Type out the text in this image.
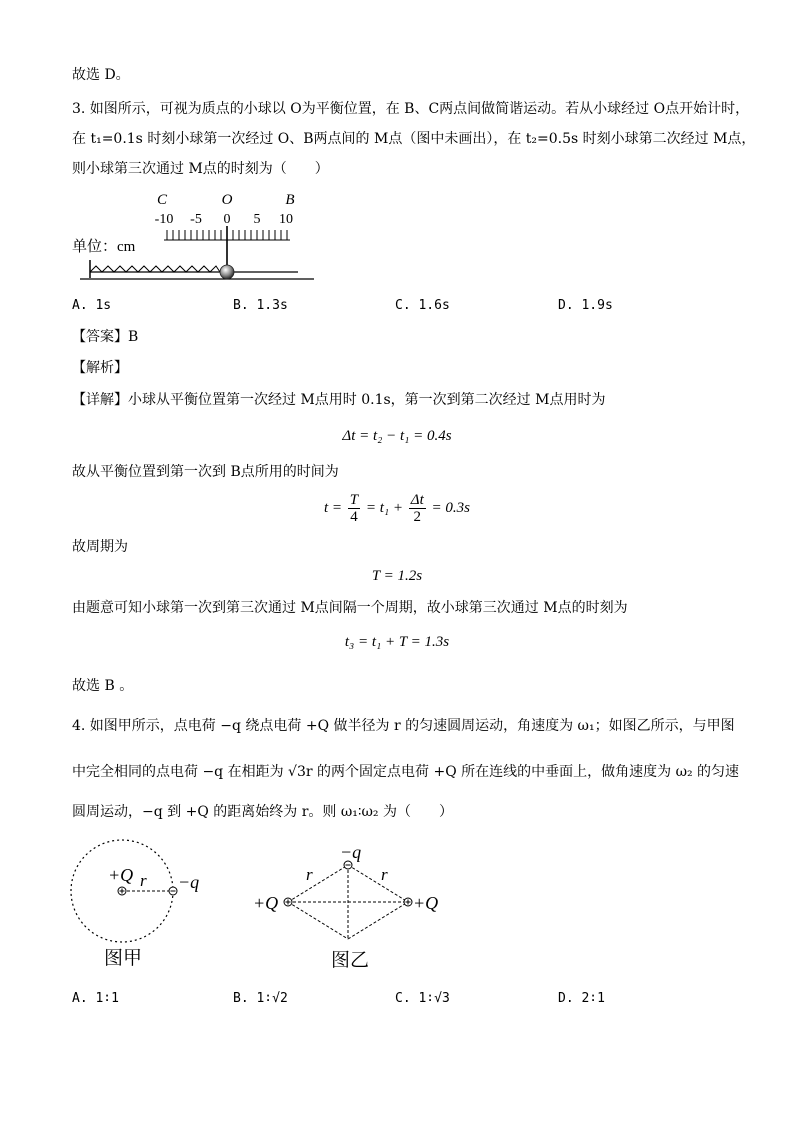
故选 D。
3. 如图所示，可视为质点的小球以 O为平衡位置，在 B、C两点间做简谐运动。若从小球经过 O点开始计时，
在 t₁=0.1s 时刻小球第一次经过 O、B两点间的 M点（图中未画出），在 t₂=0.5s 时刻小球第二次经过 M点，
则小球第三次通过 M点的时刻为（　　）
C	O	B
-10 -5 0 5 10
单位：cm
A. 1s	B. 1.3s	C. 1.6s	D. 1.9s
【答案】B
【解析】
【详解】小球从平衡位置第一次经过 M点用时 0.1s，第一次到第二次经过 M点用时为
Δt = t₂ − t₁ = 0.4s
故从平衡位置到第一次到 B点所用的时间为
$t = \frac{T}{4} = t_1 + \frac{\Delta t}{2} = 0.3s$
故周期为
T = 1.2s
由题意可知小球第一次到第三次通过 M点间隔一个周期，故小球第三次通过 M点的时刻为
t₃ = t₁ + T = 1.3s
故选 B 。
4. 如图甲所示，点电荷 −q 绕点电荷 +Q 做半径为 r 的匀速圆周运动，角速度为 ω₁；如图乙所示，与甲图
中完全相同的点电荷 −q 在相距为 √3r 的两个固定点电荷 +Q 所在连线的中垂面上，做角速度为 ω₂ 的匀速
圆周运动，−q 到 +Q 的距离始终为 r。则 ω₁∶ω₂ 为（　　）
+Q r −q
图甲
+Q	+Q
−q
r	r
图乙
A. 1∶1	B. 1∶√2	C. 1∶√3	D. 2∶1
